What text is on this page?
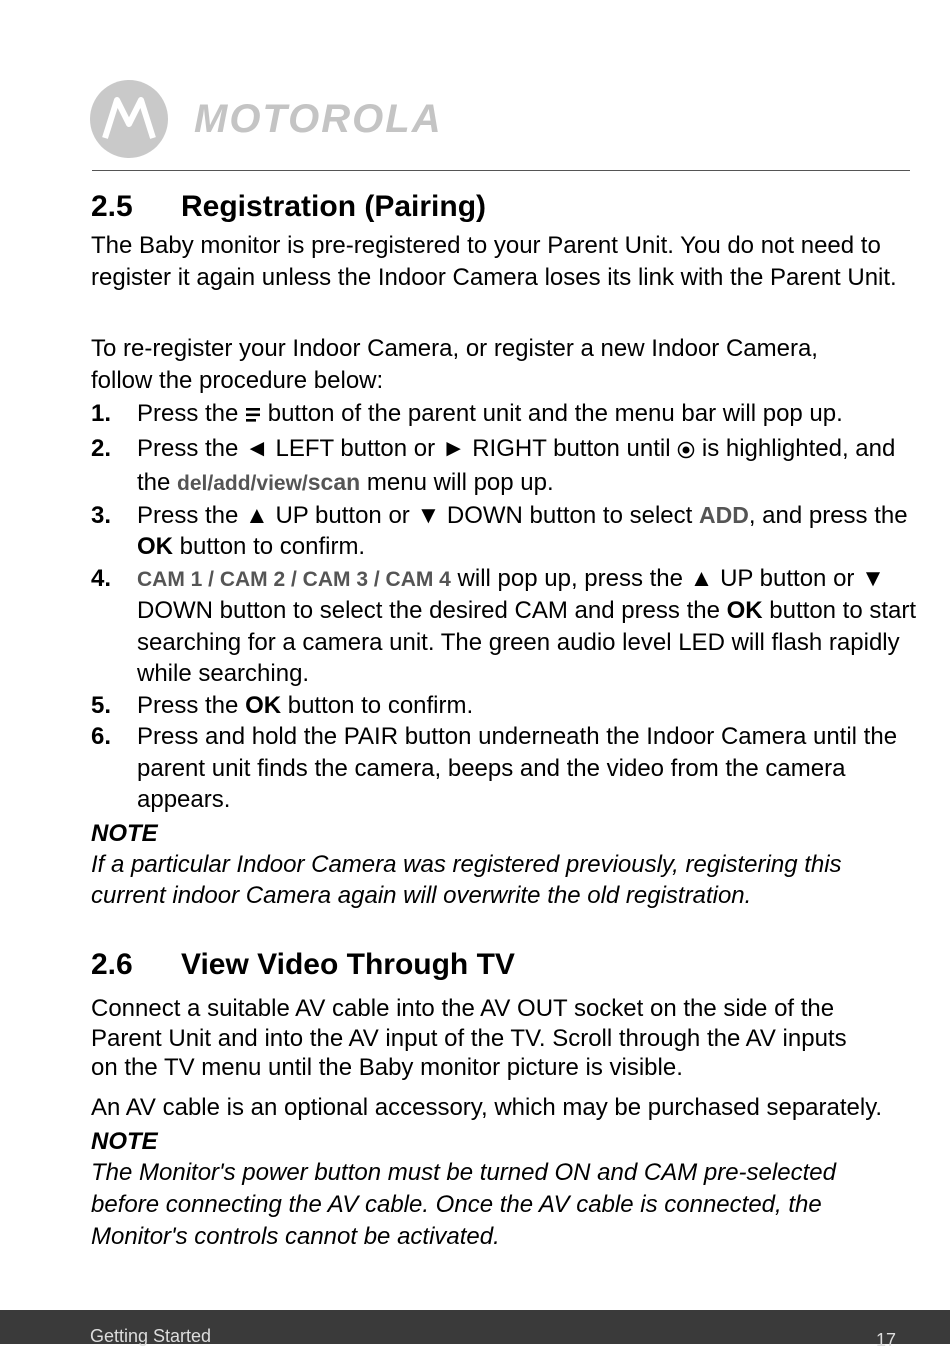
MOTOROLA
2.5 Registration (Pairing)

The Baby monitor is pre-registered to your Parent Unit. You do not need to register it again unless the Indoor Camera loses its link with the Parent Unit.

To re-register your Indoor Camera, or register a new Indoor Camera, follow the procedure below:

1. Press the button of the parent unit and the menu bar will pop up.
2. Press the ◄ LEFT button or ► RIGHT button until is highlighted, and the del/add/view/scan menu will pop up.
3. Press the ▲ UP button or ▼ DOWN button to select ADD, and press the OK button to confirm.
4. CAM 1 / CAM 2 / CAM 3 / CAM 4 will pop up, press the ▲ UP button or ▼ DOWN button to select the desired CAM and press the OK button to start searching for a camera unit. The green audio level LED will flash rapidly while searching.
5. Press the OK button to confirm.
6. Press and hold the PAIR button underneath the Indoor Camera until the parent unit finds the camera, beeps and the video from the camera appears.

NOTE

If a particular Indoor Camera was registered previously, registering this current indoor Camera again will overwrite the old registration.

2.6 View Video Through TV

Connect a suitable AV cable into the AV OUT socket on the side of the Parent Unit and into the AV input of the TV. Scroll through the AV inputs on the TV menu until the Baby monitor picture is visible.

An AV cable is an optional accessory, which may be purchased separately.

NOTE

The Monitor's power button must be turned ON and CAM pre-selected before connecting the AV cable. Once the AV cable is connected, the Monitor's controls cannot be activated.

Getting Started	17
